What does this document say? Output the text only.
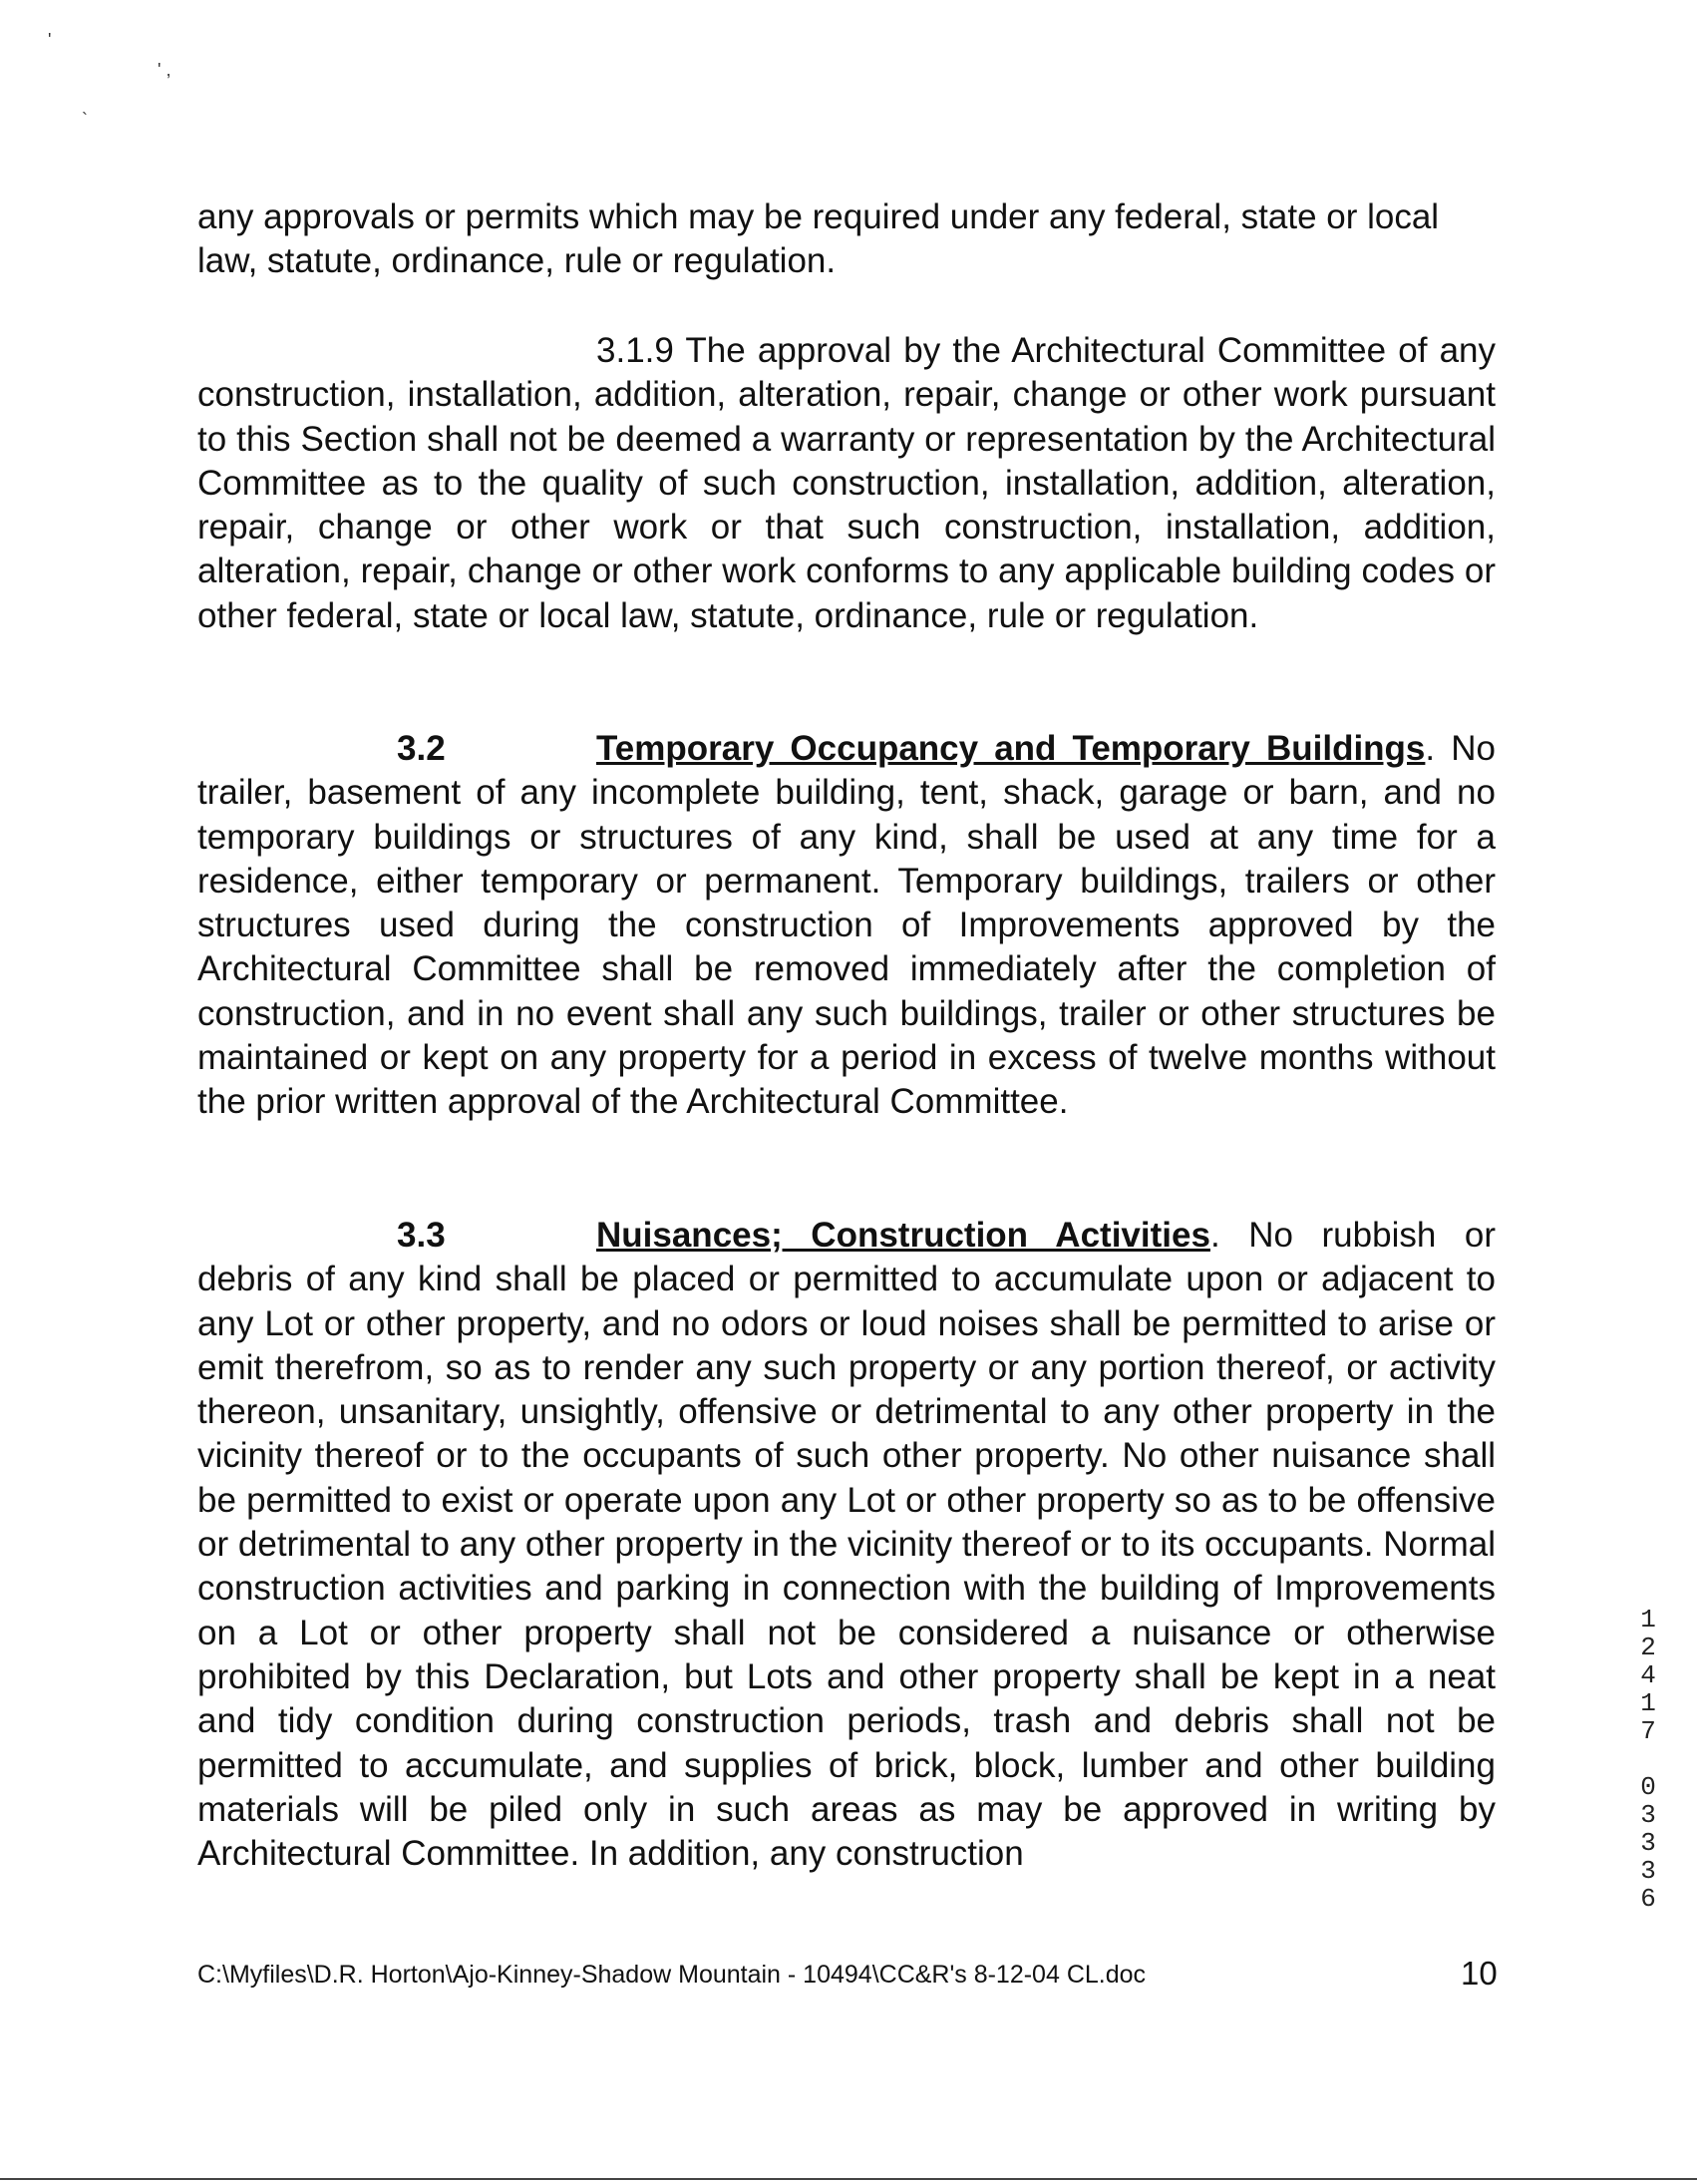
'
' ,
`
any approvals or permits which may be required under any federal, state or local law, statute, ordinance, rule or regulation.
3.1.9 The approval by the Architectural Committee of any construction, installation, addition, alteration, repair, change or other work pursuant to this Section shall not be deemed a warranty or representation by the Architectural Committee as to the quality of such construction, installation, addition, alteration, repair, change or other work or that such construction, installation, addition, alteration, repair, change or other work conforms to any applicable building codes or other federal, state or local law, statute, ordinance, rule or regulation.
3.2	Temporary Occupancy and Temporary Buildings. No trailer, basement of any incomplete building, tent, shack, garage or barn, and no temporary buildings or structures of any kind, shall be used at any time for a residence, either temporary or permanent. Temporary buildings, trailers or other structures used during the construction of Improvements approved by the Architectural Committee shall be removed immediately after the completion of construction, and in no event shall any such buildings, trailer or other structures be maintained or kept on any property for a period in excess of twelve months without the prior written approval of the Architectural Committee.
3.3	Nuisances; Construction Activities. No rubbish or debris of any kind shall be placed or permitted to accumulate upon or adjacent to any Lot or other property, and no odors or loud noises shall be permitted to arise or emit therefrom, so as to render any such property or any portion thereof, or activity thereon, unsanitary, unsightly, offensive or detrimental to any other property in the vicinity thereof or to the occupants of such other property. No other nuisance shall be permitted to exist or operate upon any Lot or other property so as to be offensive or detrimental to any other property in the vicinity thereof or to its occupants. Normal construction activities and parking in connection with the building of Improvements on a Lot or other property shall not be considered a nuisance or otherwise prohibited by this Declaration, but Lots and other property shall be kept in a neat and tidy condition during construction periods, trash and debris shall not be permitted to accumulate, and supplies of brick, block, lumber and other building materials will be piled only in such areas as may be approved in writing by Architectural Committee. In addition, any construction
C:\Myfiles\D.R. Horton\Ajo-Kinney-Shadow Mountain - 10494\CC&R's 8-12-04 CL.doc	10
1
2
4
1
7

0
3
3
3
6
